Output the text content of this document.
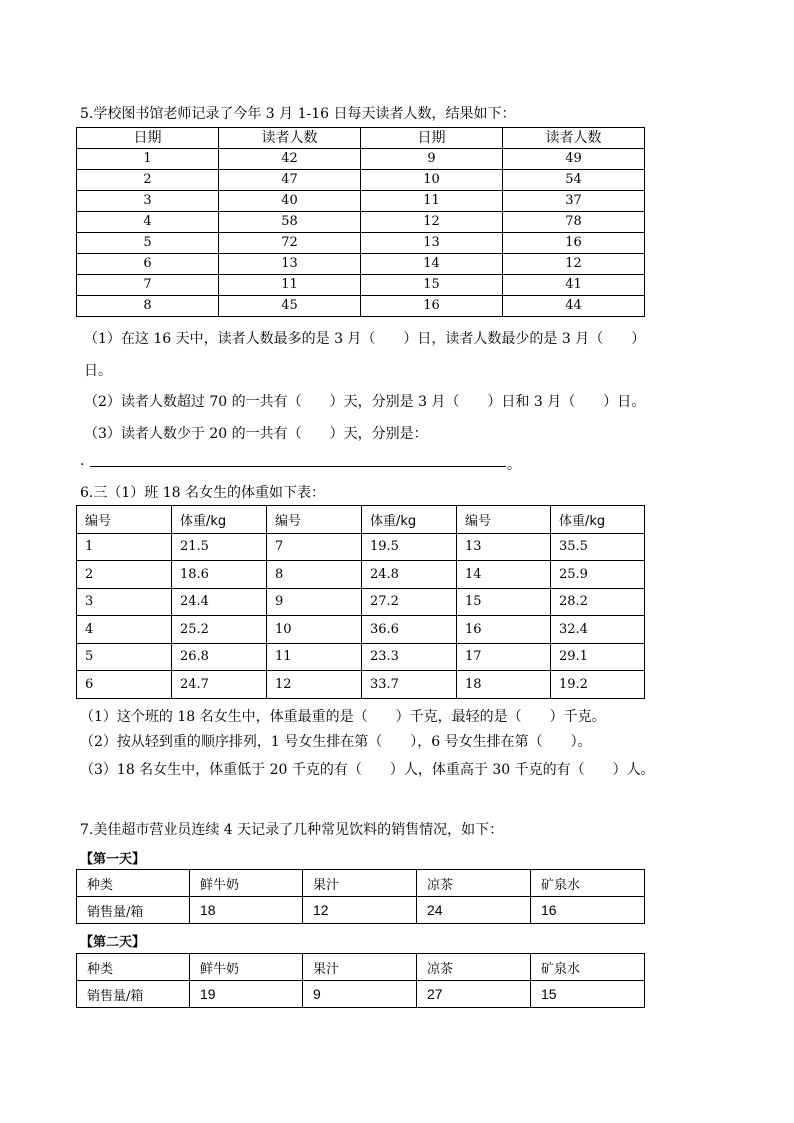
5.学校图书馆老师记录了今年 3 月 1-16 日每天读者人数，结果如下：
日期	读者人数	日期	读者人数
1	42	9	49
2	47	10	54
3	40	11	37
4	58	12	78
5	72	13	16
6	13	14	12
7	11	15	41
8	45	16	44
（1）在这 16 天中，读者人数最多的是 3 月（　　）日，读者人数最少的是 3 月（　　）
日。
（2）读者人数超过 70 的一共有（　　）天，分别是 3 月（　　）日和 3 月（　　）日。
（3）读者人数少于 20 的一共有（　　）天，分别是：
.	。
6.三（1）班 18 名女生的体重如下表：
编号	体重/kg	编号	体重/kg	编号	体重/kg
1	21.5	7	19.5	13	35.5
2	18.6	8	24.8	14	25.9
3	24.4	9	27.2	15	28.2
4	25.2	10	36.6	16	32.4
5	26.8	11	23.3	17	29.1
6	24.7	12	33.7	18	19.2
（1）这个班的 18 名女生中，体重最重的是（　　）千克，最轻的是（　　）千克。
（2）按从轻到重的顺序排列，1 号女生排在第（　　），6 号女生排在第（　　）。
（3）18 名女生中，体重低于 20 千克的有（　　）人，体重高于 30 千克的有（　　）人。
7.美佳超市营业员连续 4 天记录了几种常见饮料的销售情况，如下：
【第一天】
种类	鲜牛奶	果汁	凉茶	矿泉水
销售量/箱	18	12	24	16
【第二天】
种类	鲜牛奶	果汁	凉茶	矿泉水
销售量/箱	19	9	27	15
